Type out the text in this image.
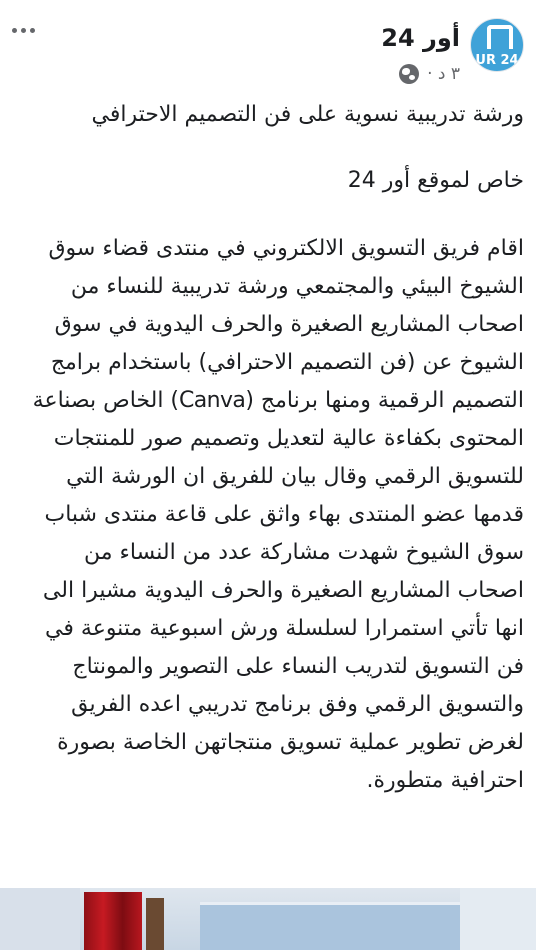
UR 24
أور 24
٣ د ·

ورشة تدريبية نسوية على فن التصميم الاحترافي

خاص لموقع أور 24

اقام فريق التسويق الالكتروني في منتدى قضاء سوق الشيوخ البيئي والمجتمعي ورشة تدريبية للنساء من اصحاب المشاريع الصغيرة والحرف اليدوية في سوق الشيوخ عن (فن التصميم الاحترافي) باستخدام برامج التصميم الرقمية ومنها برنامج (Canva) الخاص بصناعة المحتوى بكفاءة عالية لتعديل وتصميم صور للمنتجات للتسويق الرقمي وقال بيان للفريق ان الورشة التي قدمها عضو المنتدى بهاء واثق على قاعة منتدى شباب سوق الشيوخ شهدت مشاركة عدد من النساء من اصحاب المشاريع الصغيرة والحرف اليدوية مشيرا الى انها تأتي استمرارا لسلسلة ورش اسبوعية متنوعة في فن التسويق لتدريب النساء على التصوير والمونتاج والتسويق الرقمي وفق برنامج تدريبي اعده الفريق لغرض تطوير عملية تسويق منتجاتهن الخاصة بصورة احترافية متطورة.
